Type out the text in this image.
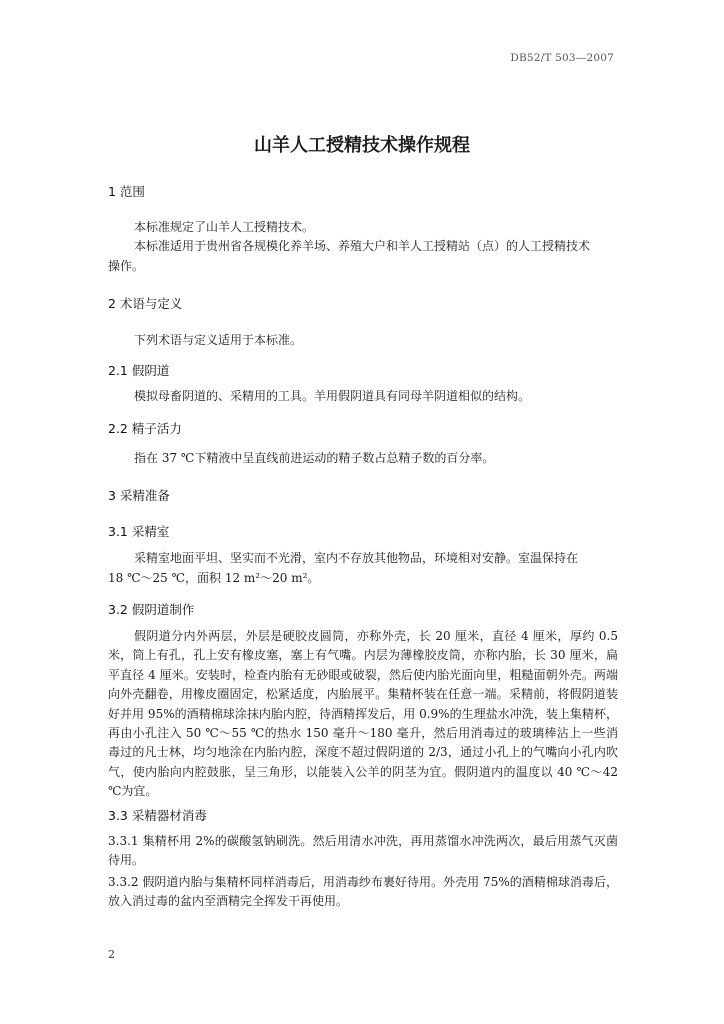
DB52/T 503—2007
山羊人工授精技术操作规程
1 范围
本标准规定了山羊人工授精技术。
本标准适用于贵州省各规模化养羊场、养殖大户和羊人工授精站（点）的人工授精技术
操作。
2 术语与定义
下列术语与定义适用于本标准。
2.1 假阴道
模拟母畜阴道的、采精用的工具。羊用假阴道具有同母羊阴道相似的结构。
2.2 精子活力
指在 37 ℃下精液中呈直线前进运动的精子数占总精子数的百分率。
3 采精准备
3.1 采精室
采精室地面平坦、坚实而不光滑，室内不存放其他物品，环境相对安静。室温保持在
18 ℃～25 ℃，面积 12 m²～20 m²。
3.2 假阴道制作
假阴道分内外两层，外层是硬胶皮圆筒，亦称外壳，长 20 厘米，直径 4 厘米，厚约 0.5 米，筒上有孔，孔上安有橡皮塞，塞上有气嘴。内层为薄橡胶皮筒，亦称内胎，长 30 厘米，扁平直径 4 厘米。安装时，检查内胎有无砂眼或破裂，然后使内胎光面向里，粗糙面朝外壳。两端向外壳翻卷，用橡皮圈固定，松紧适度，内胎展平。集精杯装在任意一端。采精前，将假阴道装好并用 95%的酒精棉球涂抹内胎内腔，待酒精挥发后，用 0.9%的生理盐水冲洗，装上集精杯，再由小孔注入 50 ℃～55 ℃的热水 150 毫升～180 毫升，然后用消毒过的玻璃棒沾上一些消毒过的凡士林，均匀地涂在内胎内腔，深度不超过假阴道的 2/3，通过小孔上的气嘴向小孔内吹气，使内胎向内腔鼓胀，呈三角形，以能装入公羊的阴茎为宜。假阴道内的温度以 40 ℃～42 ℃为宜。
3.3 采精器材消毒
3.3.1 集精杯用 2%的碳酸氢钠刷洗。然后用清水冲洗，再用蒸馏水冲洗两次，最后用蒸气灭菌待用。
3.3.2 假阴道内胎与集精杯同样消毒后，用消毒纱布裹好待用。外壳用 75%的酒精棉球消毒后，放入消过毒的盆内至酒精完全挥发干再使用。
2
